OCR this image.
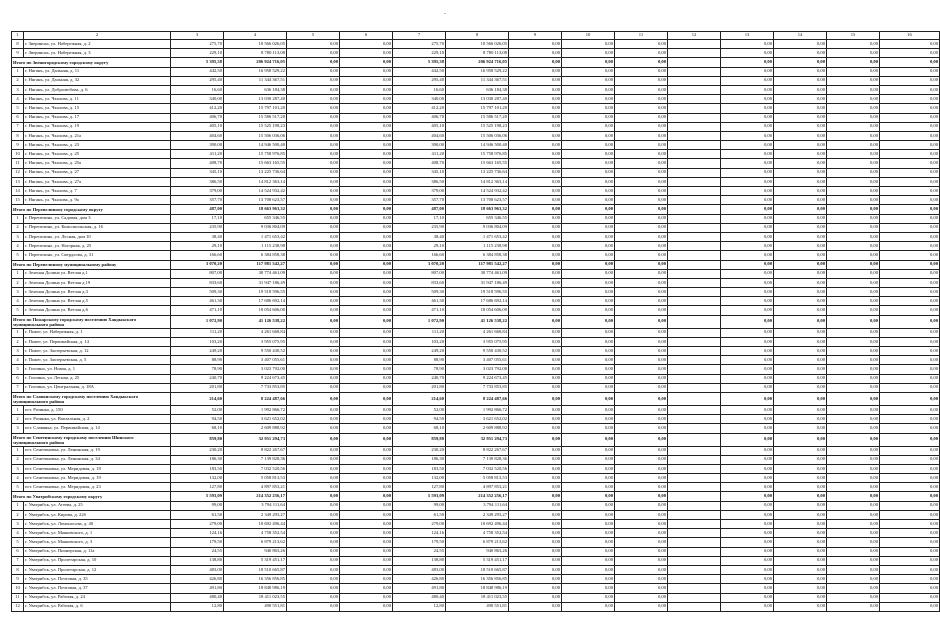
-
1	2	3	4	5	6	7	8	9	10	11	12	13	14	15	16
8	г. Зверинска, ул. Набережная, д. 2	275,70	10 566 026,05	0,00	0,00	275,70	10 566 026,05	0,00	0,00	0,00		0,00	0,00	0,00	0,00
9	г. Зверинска, ул. Набережная, д. 3	229,10	8 780 113,08	0,00	0,00	229,10	8 780 113,08	0,00	0,00	0,00		0,00	0,00	0,00	0,00
Итого по Звенигородскому городскому округу		5 395,38	206 924 716,05	0,00	0,00	5 395,38	206 924 716,05	0,00	0,00	0,00		0,00	0,00	0,00	0,00
1	г. Нягань, ул. Дальняя, д. 11	442,50	16 958 529,22	0,00	0,00	442,50	16 958 529,22	0,00	0,00	0,00		0,00	0,00	0,00	0,00
2	г. Нягань, ул. Дальняя, д. 32	295,40	11 344 367,51	0,00	0,00	295,40	11 344 367,51	0,00	0,00	0,00		0,00	0,00	0,00	0,00
3	г. Нягань, ул. Добролюбова, д. 6	16,60	636 184,38	0,00	0,00	16,60	636 184,38	0,00	0,00	0,00		0,00	0,00	0,00	0,00
4	г. Нягань, ул. Чкалова, д. 11	340,00	13 030 287,40	0,00	0,00	340,00	13 030 287,40	0,00	0,00	0,00		0,00	0,00	0,00	0,00
5	г. Нягань, ул. Чкалова, д. 15	412,20	15 797 101,20	0,00	0,00	412,20	15 797 101,20	0,00	0,00	0,00		0,00	0,00	0,00	0,00
6	г. Нягань, ул. Чкалова, д. 17	406,70	15 586 517,20	0,00	0,00	406,70	15 586 517,20	0,00	0,00	0,00		0,00	0,00	0,00	0,00
7	г. Нягань, ул. Чкалова, д. 19	405,10	15 525 198,23	0,00	0,00	405,10	15 525 198,23	0,00	0,00	0,00		0,00	0,00	0,00	0,00
8	г. Нягань, ул. Чкалова, д. 21а	404,60	15 506 036,06	0,00	0,00	404,60	15 506 036,06	0,00	0,00	0,00		0,00	0,00	0,00	0,00
9	г. Нягань, ул. Чкалова, д. 23	390,00	14 946 500,40	0,00	0,00	390,00	14 946 500,40	0,00	0,00	0,00		0,00	0,00	0,00	0,00
10	г. Нягань, ул. Чкалова, д. 25	411,20	15 758 976,85	0,00	0,00	411,20	15 758 976,85	0,00	0,00	0,00		0,00	0,00	0,00	0,00
11	г. Нягань, ул. Чкалова, д. 25а	408,70	15 663 165,55	0,00	0,00	408,70	15 663 165,55	0,00	0,00	0,00		0,00	0,00	0,00	0,00
12	г. Нягань, ул. Чкалова, д. 27	345,10	13 225 736,64	0,00	0,00	345,10	13 225 736,64	0,00	0,00	0,00		0,00	0,00	0,00	0,00
13	г. Нягань, ул. Чкалова, д. 27а	386,50	14 812 363,14	0,00	0,00	386,50	14 812 363,14	0,00	0,00	0,00		0,00	0,00	0,00	0,00
14	г. Нягань, ул. Чкалова, д. 7	379,00	14 524 932,42	0,00	0,00	379,00	14 524 932,42	0,00	0,00	0,00		0,00	0,00	0,00	0,00
15	г. Нягань, ул. Чкалова, д. 9а	357,70	13 708 623,57	0,00	0,00	357,70	13 708 623,57	0,00	0,00	0,00		0,00	0,00	0,00	0,00
Итого по Перепелиному городскому округу		487,00	18 663 963,32	0,00	0,00	487,00	18 663 963,32	0,00	0,00	0,00		0,00	0,00	0,00	0,00
1	г. Перепелино, ул. Садовая, дом 3	17,10	655 346,55	0,00	0,00	17,10	655 346,55	0,00	0,00	0,00		0,00	0,00	0,00	0,00
2	г. Перепелино, ул. Комсомольская, д. 16	235,90	9 036 804,09	0,00	0,00	235,90	9 036 804,09	0,00	0,00	0,00		0,00	0,00	0,00	0,00
3	г. Перепелино, ул. Лесная, дом 10	38,40	1 471 653,42	0,00	0,00	38,40	1 471 653,42	0,00	0,00	0,00		0,00	0,00	0,00	0,00
4	г. Перепелино, ул. Нагорная, д. 25	29,10	1 115 238,98	0,00	0,00	29,10	1 115 238,98	0,00	0,00	0,00		0,00	0,00	0,00	0,00
5	г. Перепелино, ул. Свердлова, д. 31	166,60	6 384 858,38	0,00	0,00	166,60	6 384 858,38	0,00	0,00	0,00		0,00	0,00	0,00	0,00
Итого по Перепелиному муниципальному району		3 070,20	117 981 542,27	0,00	0,00	3 070,20	117 981 542,27	0,00	0,00	0,00		0,00	0,00	0,00	0,00
1	г. Зеленая Долина ул. Ветлая д.1	807,00	30 774 461,09	0,00	0,00	807,00	30 774 461,09	0,00	0,00	0,00		0,00	0,00	0,00	0,00
2	г. Зеленая Долина ул. Ветлая д.19	833,60	31 947 186,49	0,00	0,00	833,60	31 947 186,49	0,00	0,00	0,00		0,00	0,00	0,00	0,00
3	г. Зеленая Долина ул. Ветлая д.3	509,30	19 518 596,55	0,00	0,00	509,30	19 518 596,55	0,00	0,00	0,00		0,00	0,00	0,00	0,00
4	г. Зеленая Долина ул. Ветлая д.5	461,30	17 686 692,14	0,00	0,00	461,30	17 686 692,14	0,00	0,00	0,00		0,00	0,00	0,00	0,00
5	г. Зеленая Долина ул. Ветлая д.6	471,10	18 054 606,00	0,00	0,00	471,10	18 054 606,00	0,00	0,00	0,00		0,00	0,00	0,00	0,00
Итого по Пожарскому городскому поселению Хандыкского муниципального района		1 072,90	41 126 538,22	0,00	0,00	1 072,90	41 126 538,22	0,00	0,00	0,00		0,00	0,00	0,00	0,00
1	г. Пожег, ул. Набережная, д. 1	111,20	4 261 668,84	0,00	0,00	111,20	4 261 668,84	0,00	0,00	0,00		0,00	0,00	0,00	0,00
2	г. Пожег, ул. Первомайская, д. 14	103,20	3 955 075,95	0,00	0,00	103,20	3 955 075,95	0,00	0,00	0,00		0,00	0,00	0,00	0,00
3	г. Пожег, ул. Заозерьевская, д. 12	249,20	9 550 430,52	0,00	0,00	249,20	9 550 430,52	0,00	0,00	0,00		0,00	0,00	0,00	0,00
4	г. Пожег, ул. Заозерьевская, д. 5	88,90	3 407 055,61	0,00	0,00	88,90	3 407 055,61	0,00	0,00	0,00		0,00	0,00	0,00	0,00
5	г. Гиозино, ул. Новая, д. 1	78,90	3 023 792,00	0,00	0,00	78,90	3 023 792,00	0,00	0,00	0,00		0,00	0,00	0,00	0,00
6	г. Гиозино, ул. Лесная, д. 25	240,70	9 224 673,45	0,00	0,00	240,70	9 224 673,45	0,00	0,00	0,00		0,00	0,00	0,00	0,00
7	г. Гиозино, ул. Центральная, д. 18А	201,80	7 733 853,85	0,00	0,00	201,80	7 733 853,85	0,00	0,00	0,00		0,00	0,00	0,00	0,00
Итого по Славянскому городскому поселению Хандыкского муниципального района		214,60	8 224 487,66	0,00	0,00	214,60	8 224 487,66	0,00	0,00	0,00		0,00	0,00	0,00	0,00
1	пгт. Разинка, д. 150	52,00	1 992 866,72	0,00	0,00	52,00	1 992 866,72	0,00	0,00	0,00		0,00	0,00	0,00	0,00
2	пгт. Разинка, ул. Вокзальная, д. 2	94,50	3 621 652,02	0,00	0,00	94,50	3 621 652,02	0,00	0,00	0,00		0,00	0,00	0,00	0,00
3	пгт. Славянка, ул. Первомайская, д. 14	68,10	2 609 888,92	0,00	0,00	68,10	2 609 888,92	0,00	0,00	0,00		0,00	0,00	0,00	0,00
Итого по Сенетинскому городскому поселению Шинского муниципального района		859,80	32 951 294,73	0,00	0,00	859,80	32 951 294,73	0,00	0,00	0,00		0,00	0,00	0,00	0,00
1	пгт. Сенетиновка, ул. Ленинская, д. 19	230,20	8 822 267,67	0,00	0,00	230,20	8 822 267,67	0,00	0,00	0,00		0,00	0,00	0,00	0,00
2	пгт. Сенетиновка, ул. Ленинская, д. 34	186,30	7 139 828,36	0,00	0,00	186,30	7 139 828,36	0,00	0,00	0,00		0,00	0,00	0,00	0,00
3	пгт. Сенетиновка, ул. Меридовая, д. 18	183,50	7 032 520,56	0,00	0,00	183,50	7 032 520,56	0,00	0,00	0,00		0,00	0,00	0,00	0,00
4	пгт. Сенетиновка, ул. Меридовая, д. 19	132,00	5 058 813,53	0,00	0,00	132,00	5 058 813,53	0,00	0,00	0,00		0,00	0,00	0,00	0,00
5	пгт. Сенетиновка, ул. Меридовая, д. 23	127,80	4 897 853,21	0,00	0,00	127,80	4 897 853,21	0,00	0,00	0,00		0,00	0,00	0,00	0,00
Итого по Уватрибскому городскому округу		5 593,09	214 352 256,17	0,00	0,00	5 593,09	214 352 256,17	0,00	0,00	0,00		0,00	0,00	0,00	0,00
1	г. Уватрибск, ул. Агеева, д. 25	99,00	3 794 111,64	0,00	0,00	99,00	3 794 111,64	0,00	0,00	0,00		0,00	0,00	0,00	0,00
2	г. Уватрибск, ул. Кирова, д. 22б	61,50	2 349 293,27	0,00	0,00	61,50	2 349 293,27	0,00	0,00	0,00		0,00	0,00	0,00	0,00
3	г. Уватрибск, ул. Ломоносова, д. 40	279,00	10 692 496,44	0,00	0,00	279,00	10 692 496,44	0,00	0,00	0,00		0,00	0,00	0,00	0,00
4	г. Уватрибск, ул. Маяковского, д. 1	124,16	4 758 352,54	0,00	0,00	124,16	4 758 352,54	0,00	0,00	0,00		0,00	0,00	0,00	0,00
5	г. Уватрибск, ул. Маяковского, д. 3	179,50	6 879 213,62	0,00	0,00	179,50	6 879 213,62	0,00	0,00	0,00		0,00	0,00	0,00	0,00
6	г. Уватрибск, ул. Пионерская, д. 11а	24,55	940 863,26	0,00	0,00	24,55	940 863,26	0,00	0,00	0,00		0,00	0,00	0,00	0,00
7	г. Уватрибск, ул. Пролетарская, д. 10	138,80	5 319 451,17	0,00	0,00	138,80	5 319 451,17	0,00	0,00	0,00		0,00	0,00	0,00	0,00
8	г. Уватрибск, ул. Пролетарская, д. 12	483,00	18 510 665,87	0,00	0,00	483,00	18 510 665,87	0,00	0,00	0,00		0,00	0,00	0,00	0,00
9	г. Уватрибск, ул. Почтовая, д. 35	426,80	16 356 856,85	0,00	0,00	426,80	16 356 856,85	0,00	0,00	0,00		0,00	0,00	0,00	0,00
10	г. Уватрибск, ул. Почтовая, д. 37	491,80	18 848 986,19	0,00	0,00	491,80	18 848 986,19	0,00	0,00	0,00		0,00	0,00	0,00	0,00
11	г. Уватрибск, ул. Рабочая, д. 24	480,40	18 411 023,55	0,00	0,00	480,40	18 411 023,55	0,00	0,00	0,00		0,00	0,00	0,00	0,00
12	г. Уватрибск, ул. Рабочая, д. 6	12,80	490 551,81	0,00	0,00	12,80	490 551,81	0,00	0,00	0,00		0,00	0,00	0,00	0,00
